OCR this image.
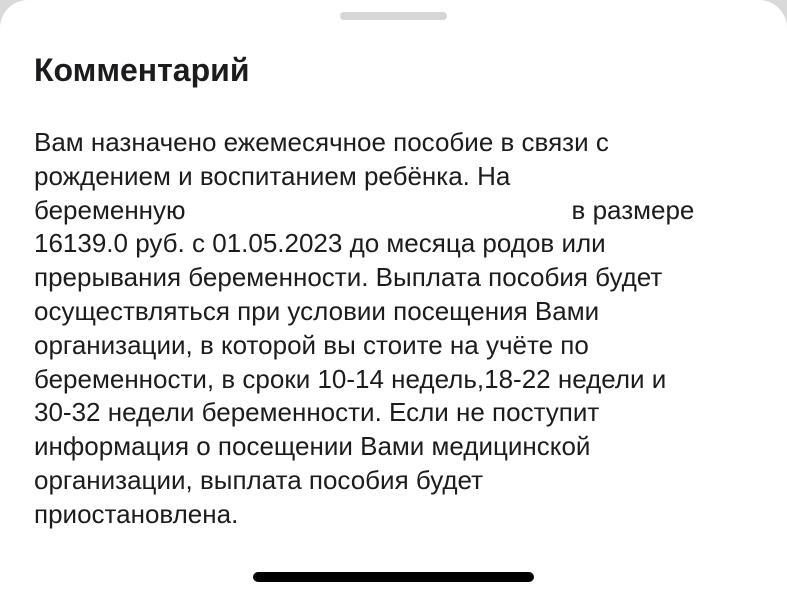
Комментарий

Вам назначено ежемесячное пособие в связи с
рождением и воспитанием ребёнка. На
беременную	в размере
16139.0 руб. с 01.05.2023 до месяца родов или
прерывания беременности. Выплата пособия будет
осуществляться при условии посещения Вами
организации, в которой вы стоите на учёте по
беременности, в сроки 10-14 недель,18-22 недели и
30-32 недели беременности. Если не поступит
информация о посещении Вами медицинской
организации, выплата пособия будет
приостановлена.
